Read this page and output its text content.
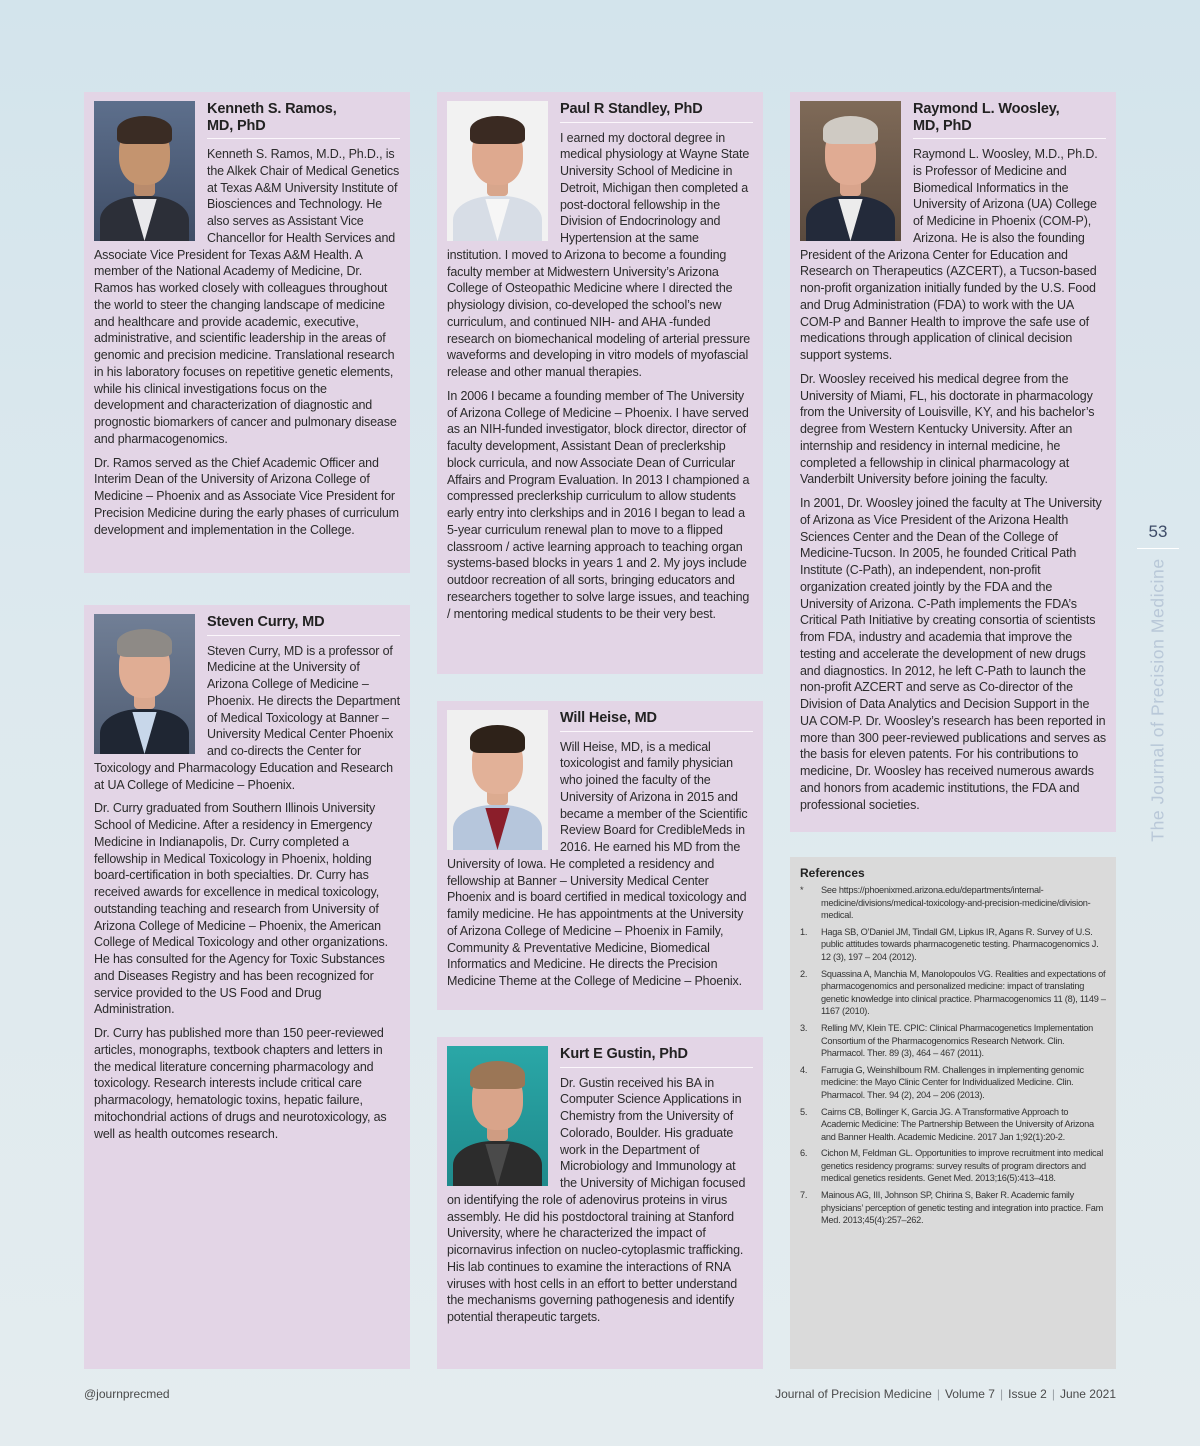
Kenneth S. Ramos,
MD, PhD

Kenneth S. Ramos, M.D., Ph.D., is the Alkek Chair of Medical Genetics at Texas A&M University Institute of Biosciences and Technology. He also serves as Assistant Vice Chancellor for Health Services and Associate Vice President for Texas A&M Health. A member of the National Academy of Medicine, Dr. Ramos has worked closely with colleagues throughout the world to steer the changing landscape of medicine and healthcare and provide academic, executive, administrative, and scientific leadership in the areas of genomic and precision medicine. Translational research in his laboratory focuses on repetitive genetic elements, while his clinical investigations focus on the development and characterization of diagnostic and prognostic biomarkers of cancer and pulmonary disease and pharmacogenomics.

Dr. Ramos served as the Chief Academic Officer and Interim Dean of the University of Arizona College of Medicine – Phoenix and as Associate Vice President for Precision Medicine during the early phases of curriculum development and implementation in the College.

Steven Curry, MD

Steven Curry, MD is a professor of Medicine at the University of Arizona College of Medicine – Phoenix. He directs the Department of Medical Toxicology at Banner – University Medical Center Phoenix and co-directs the Center for Toxicology and Pharmacology Education and Research at UA College of Medicine – Phoenix.

Dr. Curry graduated from Southern Illinois University School of Medicine. After a residency in Emergency Medicine in Indianapolis, Dr. Curry completed a fellowship in Medical Toxicology in Phoenix, holding board-certification in both specialties. Dr. Curry has received awards for excellence in medical toxicology, outstanding teaching and research from University of Arizona College of Medicine – Phoenix, the American College of Medical Toxicology and other organizations. He has consulted for the Agency for Toxic Substances and Diseases Registry and has been recognized for service provided to the US Food and Drug Administration.

Dr. Curry has published more than 150 peer-reviewed articles, monographs, textbook chapters and letters in the medical literature concerning pharmacology and toxicology. Research interests include critical care pharmacology, hematologic toxins, hepatic failure, mitochondrial actions of drugs and neurotoxicology, as well as health outcomes research.

Paul R Standley, PhD

I earned my doctoral degree in medical physiology at Wayne State University School of Medicine in Detroit, Michigan then completed a post-doctoral fellowship in the Division of Endocrinology and Hypertension at the same institution. I moved to Arizona to become a founding faculty member at Midwestern University’s Arizona College of Osteopathic Medicine where I directed the physiology division, co-developed the school’s new curriculum, and continued NIH- and AHA -funded research on biomechanical modeling of arterial pressure waveforms and developing in vitro models of myofascial release and other manual therapies.

In 2006 I became a founding member of The University of Arizona College of Medicine – Phoenix. I have served as an NIH-funded investigator, block director, director of faculty development, Assistant Dean of preclerkship block curricula, and now Associate Dean of Curricular Affairs and Program Evaluation. In 2013 I championed a compressed preclerkship curriculum to allow students early entry into clerkships and in 2016 I began to lead a 5-year curriculum renewal plan to move to a flipped classroom / active learning approach to teaching organ systems-based blocks in years 1 and 2. My joys include outdoor recreation of all sorts, bringing educators and researchers together to solve large issues, and teaching / mentoring medical students to be their very best.

Will Heise, MD

Will Heise, MD, is a medical toxicologist and family physician who joined the faculty of the University of Arizona in 2015 and became a member of the Scientific Review Board for CredibleMeds in 2016. He earned his MD from the University of Iowa. He completed a residency and fellowship at Banner – University Medical Center Phoenix and is board certified in medical toxicology and family medicine. He has appointments at the University of Arizona College of Medicine – Phoenix in Family, Community & Preventative Medicine, Biomedical Informatics and Medicine. He directs the Precision Medicine Theme at the College of Medicine – Phoenix.

Kurt E Gustin, PhD

Dr. Gustin received his BA in Computer Science Applications in Chemistry from the University of Colorado, Boulder. His graduate work in the Department of Microbiology and Immunology at the University of Michigan focused on identifying the role of adenovirus proteins in virus assembly. He did his postdoctoral training at Stanford University, where he characterized the impact of picornavirus infection on nucleo-cytoplasmic trafficking. His lab continues to examine the interactions of RNA viruses with host cells in an effort to better understand the mechanisms governing pathogenesis and identify potential therapeutic targets.

Raymond L. Woosley,
MD, PhD

Raymond L. Woosley, M.D., Ph.D. is Professor of Medicine and Biomedical Informatics in the University of Arizona (UA) College of Medicine in Phoenix (COM-P), Arizona. He is also the founding President of the Arizona Center for Education and Research on Therapeutics (AZCERT), a Tucson-based non-profit organization initially funded by the U.S. Food and Drug Administration (FDA) to work with the UA COM-P and Banner Health to improve the safe use of medications through application of clinical decision support systems.

Dr. Woosley received his medical degree from the University of Miami, FL, his doctorate in pharmacology from the University of Louisville, KY, and his bachelor’s degree from Western Kentucky University. After an internship and residency in internal medicine, he completed a fellowship in clinical pharmacology at Vanderbilt University before joining the faculty.

In 2001, Dr. Woosley joined the faculty at The University of Arizona as Vice President of the Arizona Health Sciences Center and the Dean of the College of Medicine-Tucson. In 2005, he founded Critical Path Institute (C-Path), an independent, non-profit organization created jointly by the FDA and the University of Arizona. C-Path implements the FDA’s Critical Path Initiative by creating consortia of scientists from FDA, industry and academia that improve the testing and accelerate the development of new drugs and diagnostics. In 2012, he left C-Path to launch the non-profit AZCERT and serve as Co-director of the Division of Data Analytics and Decision Support in the UA COM-P. Dr. Woosley’s research has been reported in more than 300 peer-reviewed publications and serves as the basis for eleven patents. For his contributions to medicine, Dr. Woosley has received numerous awards and honors from academic institutions, the FDA and professional societies.

References
* See https://phoenixmed.arizona.edu/departments/internal-medicine/divisions/medical-toxicology-and-precision-medicine/division-medical.
1. Haga SB, O’Daniel JM, Tindall GM, Lipkus IR, Agans R. Survey of U.S. public attitudes towards pharmacogenetic testing. Pharmacogenomics J. 12 (3), 197 – 204 (2012).
2. Squassina A, Manchia M, Manolopoulos VG. Realities and expectations of pharmacogenomics and personalized medicine: impact of translating genetic knowledge into clinical practice. Pharmacogenomics 11 (8), 1149 – 1167 (2010).
3. Relling MV, Klein TE. CPIC: Clinical Pharmacogenetics Implementation Consortium of the Pharmacogenomics Research Network. Clin. Pharmacol. Ther. 89 (3), 464 – 467 (2011).
4. Farrugia G, Weinshilboum RM. Challenges in implementing genomic medicine: the Mayo Clinic Center for Individualized Medicine. Clin. Pharmacol. Ther. 94 (2), 204 – 206 (2013).
5. Cairns CB, Bollinger K, Garcia JG. A Transformative Approach to Academic Medicine: The Partnership Between the University of Arizona and Banner Health. Academic Medicine. 2017 Jan 1;92(1):20-2.
6. Cichon M, Feldman GL. Opportunities to improve recruitment into medical genetics residency programs: survey results of program directors and medical genetics residents. Genet Med. 2013;16(5):413–418.
7. Mainous AG, III, Johnson SP, Chirina S, Baker R. Academic family physicians’ perception of genetic testing and integration into practice. Fam Med. 2013;45(4):257–262.
53
The Journal of Precision Medicine
@journprecmed	Journal of Precision Medicine | Volume 7 | Issue 2 | June 2021
